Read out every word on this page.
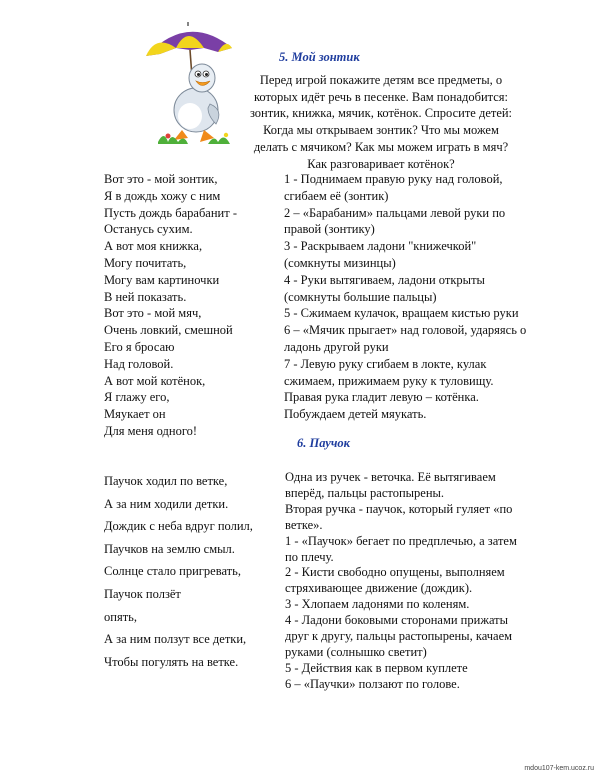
5. Мой зонтик
Перед игрой покажите детям все предметы, о
которых идёт речь в песенке. Вам понадобится:
зонтик, книжка, мячик, котёнок. Спросите детей:
Когда мы открываем зонтик? Что мы можем
делать с мячиком? Как мы можем играть в мяч?
Как разговаривает котёнок?
Вот это - мой зонтик,
Я в дождь хожу с ним
Пусть дождь барабанит -
Останусь сухим.
А вот моя книжка,
Могу почитать,
Могу вам картиночки
В ней показать.
Вот это - мой мяч,
Очень ловкий, смешной
Его я бросаю
Над головой.
А вот мой котёнок,
Я глажу его,
Мяукает он
Для меня одного!
1 - Поднимаем правую руку над головой,
сгибаем её (зонтик)
2 – «Барабаним» пальцами левой руки по
правой (зонтику)
3 - Раскрываем ладони "книжечкой"
(сомкнуты мизинцы)
4 - Руки вытягиваем, ладони открыты
(сомкнуты большие пальцы)
5 - Сжимаем кулачок, вращаем кистью руки
6 – «Мячик прыгает» над головой, ударяясь о
ладонь другой руки
7 - Левую руку сгибаем в локте, кулак
сжимаем, прижимаем руку к туловищу.
Правая рука гладит левую – котёнка.
Побуждаем детей мяукать.
6. Паучок
Паучок ходил по ветке,
А за ним ходили детки.
Дождик с неба вдруг полил,
Паучков на землю смыл.
Солнце стало пригревать,
Паучок ползёт
опять,
А за ним ползут все детки,
Чтобы погулять на ветке.
Одна из ручек - веточка. Её вытягиваем
вперёд, пальцы растопырены.
Вторая ручка - паучок, который гуляет «по
ветке».
1 - «Паучок» бегает по предплечью, а затем
по плечу.
2 - Кисти свободно опущены, выполняем
стряхивающее движение (дождик).
3 - Хлопаем ладонями по коленям.
4 - Ладони боковыми сторонами прижаты
друг к другу, пальцы растопырены, качаем
руками (солнышко светит)
5 - Действия как в первом куплете
6 – «Паучки» ползают по голове.
mdou107-kem.ucoz.ru
